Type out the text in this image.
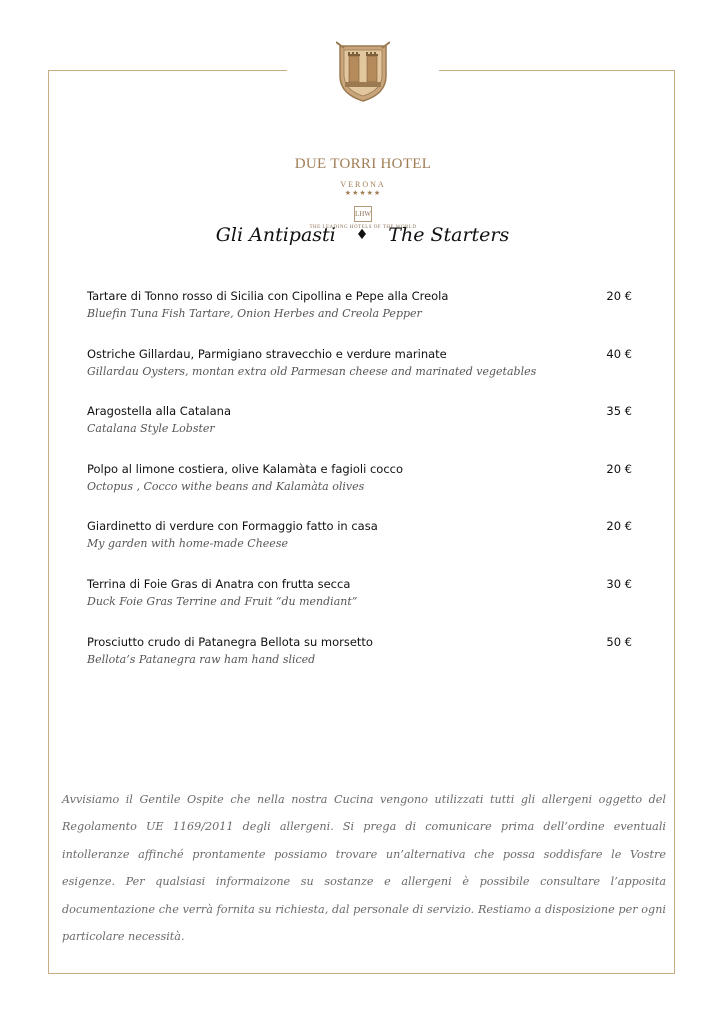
DUE TORRI HOTEL
VERONA
★★★★★
LHW
THE LEADING HOTELS OF THE WORLD
Gli Antipasti ♦ The Starters
Tartare di Tonno rosso di Sicilia con Cipollina e Pepe alla Creola	20 €
Bluefin Tuna Fish Tartare, Onion Herbes and Creola Pepper
Ostriche Gillardau, Parmigiano stravecchio e verdure marinate	40 €
Gillardau Oysters, montan extra old Parmesan cheese and marinated vegetables
Aragostella alla Catalana	35 €
Catalana Style Lobster
Polpo al limone costiera, olive Kalamàta e fagioli cocco	20 €
Octopus , Cocco withe beans and Kalamàta olives
Giardinetto di verdure con Formaggio fatto in casa	20 €
My garden with home-made Cheese
Terrina di Foie Gras di Anatra con frutta secca	30 €
Duck Foie Gras Terrine and Fruit “du mendiant”
Prosciutto crudo di Patanegra Bellota su morsetto	50 €
Bellota’s Patanegra raw ham hand sliced
Avvisiamo il Gentile Ospite che nella nostra Cucina vengono utilizzati tutti gli allergeni oggetto del Regolamento UE 1169/2011 degli allergeni. Si prega di comunicare prima dell’ordine eventuali intolleranze affinché prontamente possiamo trovare un’alternativa che possa soddisfare le Vostre esigenze. Per qualsiasi informaizone su sostanze e allergeni è possibile consultare l’apposita documentazione che verrà fornita su richiesta, dal personale di servizio. Restiamo a disposizione per ogni particolare necessità.
